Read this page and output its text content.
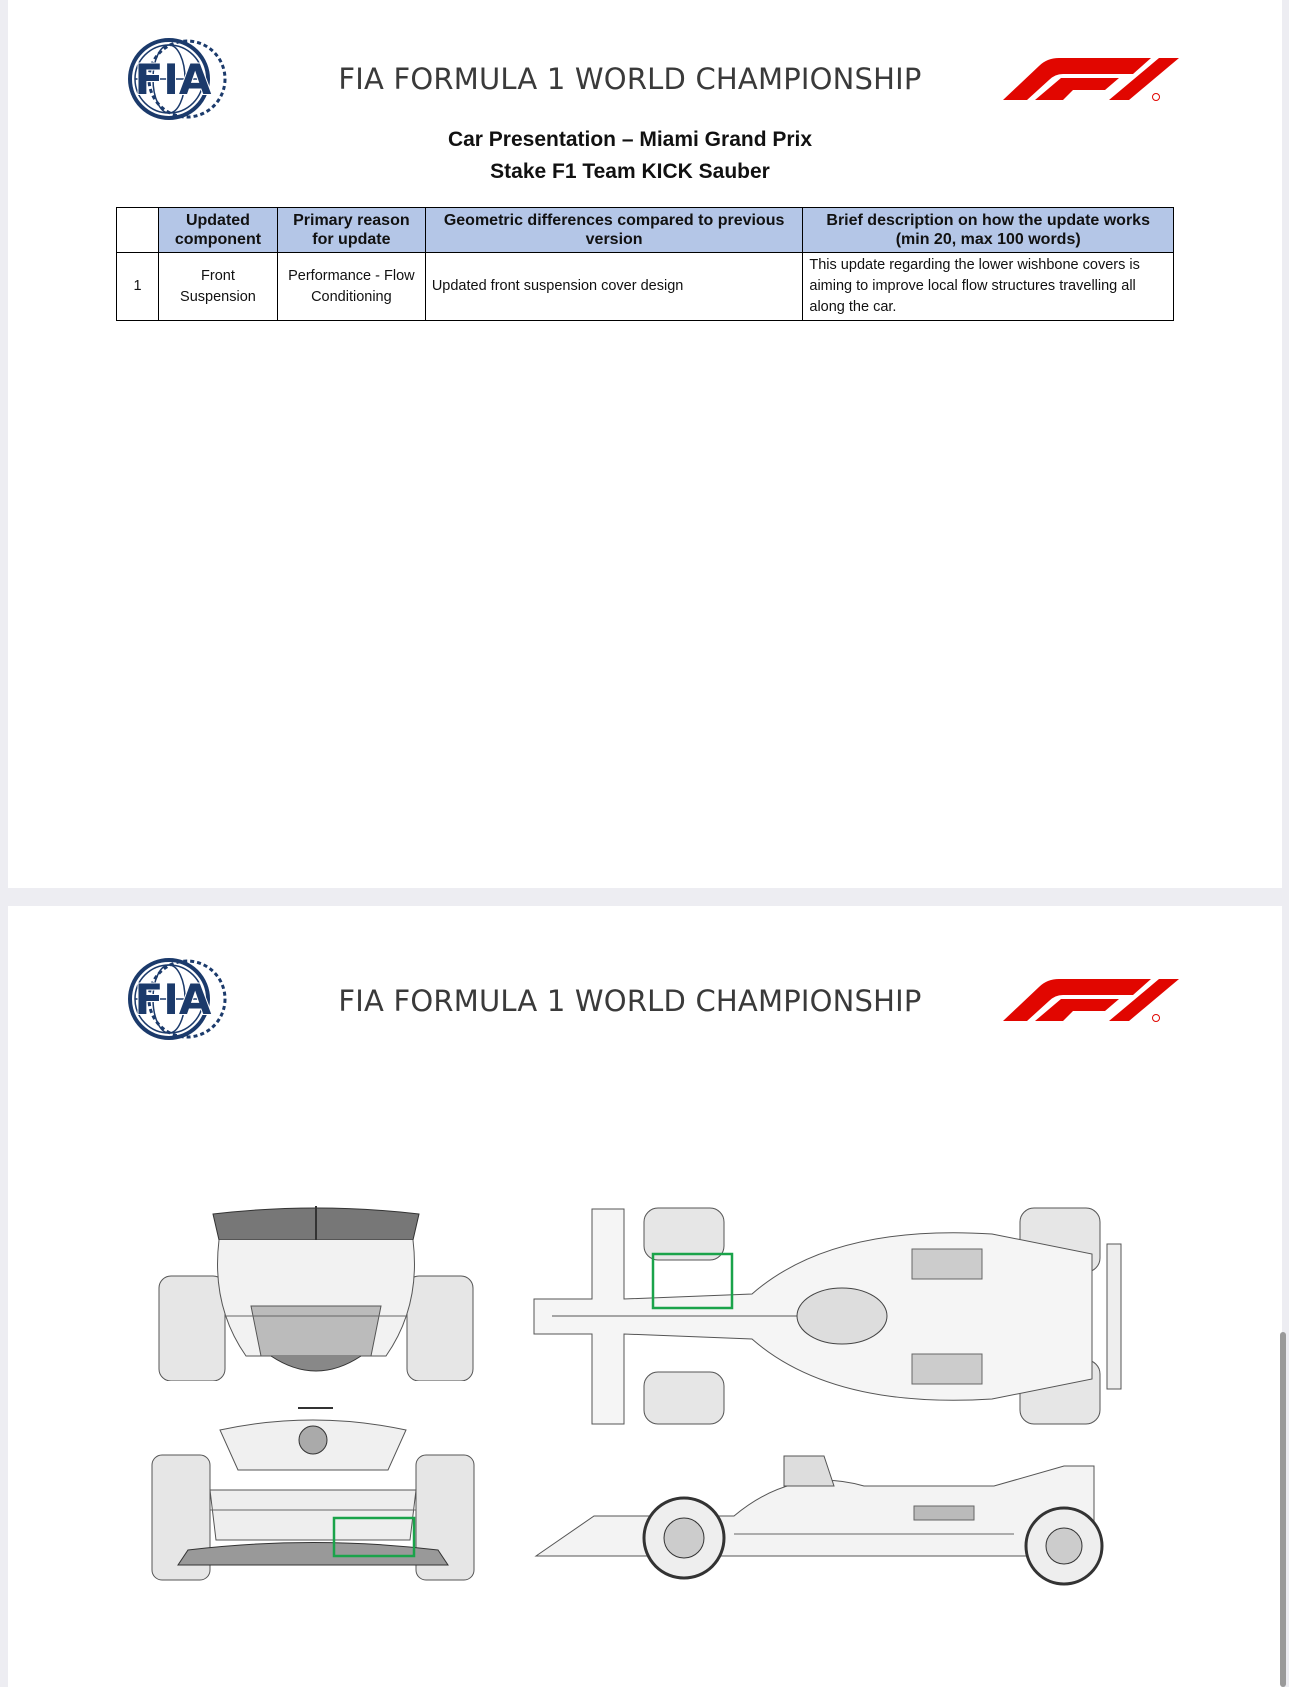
FIA	FIA FORMULA 1 WORLD CHAMPIONSHIP
Car Presentation – Miami Grand Prix
Stake F1 Team KICK Sauber
	Updated component	Primary reason for update	Geometric differences compared to previous version	Brief description on how the update works (min 20, max 100 words)
1	Front Suspension	Performance - Flow Conditioning	Updated front suspension cover design	This update regarding the lower wishbone covers is aiming to improve local flow structures travelling all along the car.
FIA	FIA FORMULA 1 WORLD CHAMPIONSHIP
